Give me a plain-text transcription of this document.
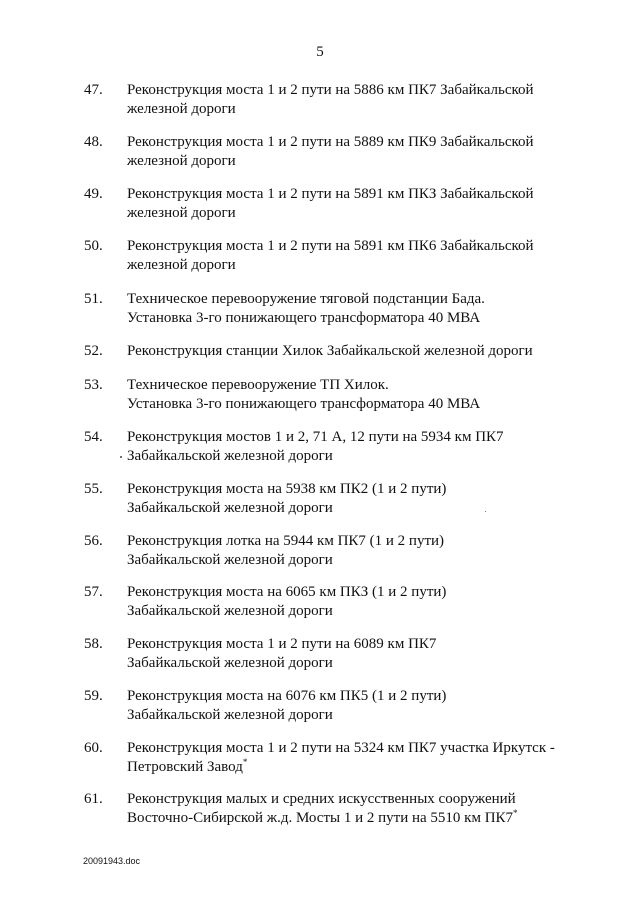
5
47.	Реконструкция моста 1 и 2 пути на 5886 км ПК7 Забайкальской
железной дороги
48.	Реконструкция моста 1 и 2 пути на 5889 км ПК9 Забайкальской
железной дороги
49.	Реконструкция моста 1 и 2 пути на 5891 км ПКЗ Забайкальской
железной дороги
50.	Реконструкция моста 1 и 2 пути на 5891 км ПК6 Забайкальской
железной дороги
51.	Техническое перевооружение тяговой подстанции Бада.
Установка 3-го понижающего трансформатора 40 МВА
52.	Реконструкция станции Хилок Забайкальской железной дороги
53.	Техническое перевооружение ТП Хилок.
Установка 3-го понижающего трансформатора 40 МВА
54.	Реконструкция мостов 1 и 2, 71 А, 12 пути на 5934 км ПК7
Забайкальской железной дороги
55.	Реконструкция моста на 5938 км ПК2 (1 и 2 пути)
Забайкальской железной дороги
56.	Реконструкция лотка на 5944 км ПК7 (1 и 2 пути)
Забайкальской железной дороги
57.	Реконструкция моста на 6065 км ПКЗ (1 и 2 пути)
Забайкальской железной дороги
58.	Реконструкция моста 1 и 2 пути на 6089 км ПК7
Забайкальской железной дороги
59.	Реконструкция моста на 6076 км ПК5 (1 и 2 пути)
Забайкальской железной дороги
60.	Реконструкция моста 1 и 2 пути на 5324 км ПК7 участка Иркутск -
Петровский Завод*
61.	Реконструкция малых и средних искусственных сооружений
Восточно-Сибирской ж.д. Мосты 1 и 2 пути на 5510 км ПК7*
20091943.doc
